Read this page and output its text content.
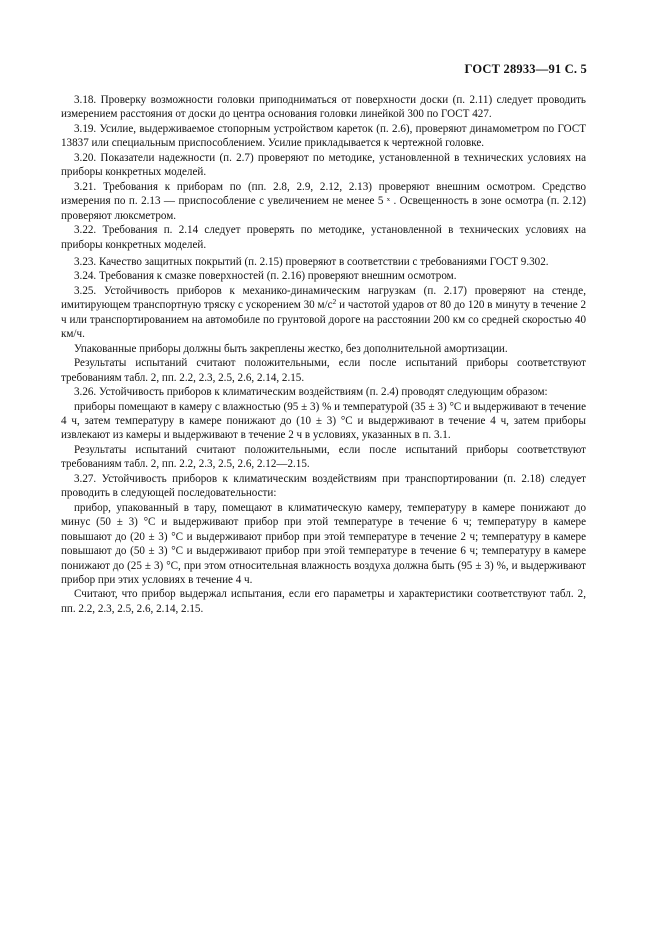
ГОСТ 28933—91 С. 5

3.18. Проверку возможности головки приподниматься от поверхности доски (п. 2.11) следует проводить измерением расстояния от доски до центра основания головки линейкой 300 по ГОСТ 427.

3.19. Усилие, выдерживаемое стопорным устройством кареток (п. 2.6), проверяют динамометром по ГОСТ 13837 или специальным приспособлением. Усилие прикладывается к чертежной головке.

3.20. Показатели надежности (п. 2.7) проверяют по методике, установленной в технических условиях на приборы конкретных моделей.

3.21. Требования к приборам по (пп. 2.8, 2.9, 2.12, 2.13) проверяют внешним осмотром. Средство измерения по п. 2.13 — приспособление с увеличением не менее 5 ˣ . Освещенность в зоне осмотра (п. 2.12) проверяют люксметром.

3.22. Требования п. 2.14 следует проверять по методике, установленной в технических условиях на приборы конкретных моделей.

3.23. Качество защитных покрытий (п. 2.15) проверяют в соответствии с требованиями ГОСТ 9.302.

3.24. Требования к смазке поверхностей (п. 2.16) проверяют внешним осмотром.

3.25. Устойчивость приборов к механико-динамическим нагрузкам (п. 2.17) проверяют на стенде, имитирующем транспортную тряску с ускорением 30 $м/с^2$ и частотой ударов от 80 до 120 в минуту в течение 2 ч или транспортированием на автомобиле по грунтовой дороге на расстоянии 200 км со средней скоростью 40 км/ч.

Упакованные приборы должны быть закреплены жестко, без дополнительной амортизации.

Результаты испытаний считают положительными, если после испытаний приборы соответствуют требованиям табл. 2, пп. 2.2, 2.3, 2.5, 2.6, 2.14, 2.15.

3.26. Устойчивость приборов к климатическим воздействиям (п. 2.4) проводят следующим образом:

приборы помещают в камеру с влажностью (95 ± 3) % и температурой (35 ± 3) °С и выдерживают в течение 4 ч, затем температуру в камере понижают до (10 ± 3) °С и выдерживают в течение 4 ч, затем приборы извлекают из камеры и выдерживают в течение 2 ч в условиях, указанных в п. 3.1.

Результаты испытаний считают положительными, если после испытаний приборы соответствуют требованиям табл. 2, пп. 2.2, 2.3, 2.5, 2.6, 2.12—2.15.

3.27. Устойчивость приборов к климатическим воздействиям при транспортировании (п. 2.18) следует проводить в следующей последовательности:

прибор, упакованный в тару, помещают в климатическую камеру, температуру в камере понижают до минус (50 ± 3) °С и выдерживают прибор при этой температуре в течение 6 ч; температуру в камере повышают до (20 ± 3) °С и выдерживают прибор при этой температуре в течение 2 ч; температуру в камере повышают до (50 ± 3) °С и выдерживают прибор при этой температуре в течение 6 ч; температуру в камере понижают до (25 ± 3) °С, при этом относительная влажность воздуха должна быть (95 ± 3) %, и выдерживают прибор при этих условиях в течение 4 ч.

Считают, что прибор выдержал испытания, если его параметры и характеристики соответствуют табл. 2, пп. 2.2, 2.3, 2.5, 2.6, 2.14, 2.15.
